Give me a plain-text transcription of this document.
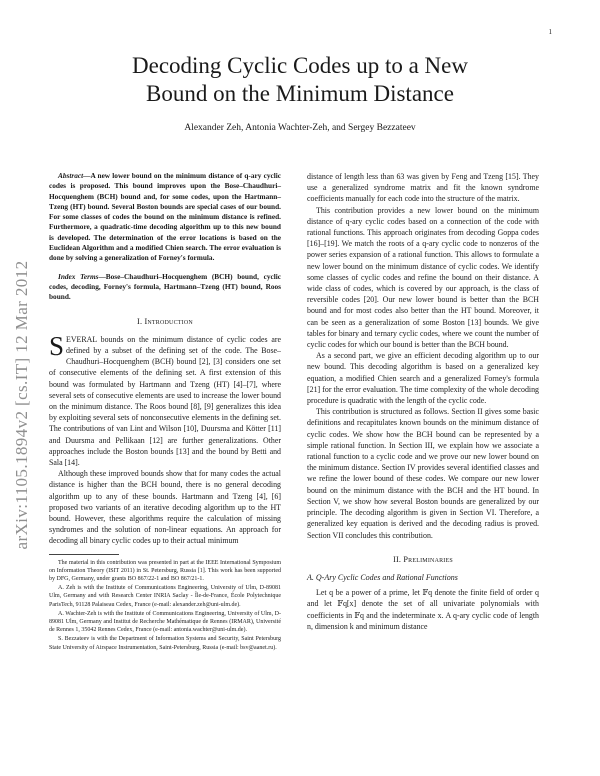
1
arXiv:1105.1894v2 [cs.IT] 12 Mar 2012
Decoding Cyclic Codes up to a New
Bound on the Minimum Distance
Alexander Zeh, Antonia Wachter-Zeh, and Sergey Bezzateev

Abstract—A new lower bound on the minimum distance of q-ary cyclic codes is proposed. This bound improves upon the Bose–Chaudhuri–Hocquenghem (BCH) bound and, for some codes, upon the Hartmann–Tzeng (HT) bound. Several Boston bounds are special cases of our bound. For some classes of codes the bound on the minimum distance is refined. Furthermore, a quadratic-time decoding algorithm up to this new bound is developed. The determination of the error locations is based on the Euclidean Algorithm and a modified Chien search. The error evaluation is done by solving a generalization of Forney's formula.

Index Terms—Bose–Chaudhuri–Hocquenghem (BCH) bound, cyclic codes, decoding, Forney's formula, Hartmann–Tzeng (HT) bound, Roos bound.

I. Introduction

SEVERAL bounds on the minimum distance of cyclic codes are defined by a subset of the defining set of the code. The Bose–Chaudhuri–Hocquenghem (BCH) bound [2], [3] considers one set of consecutive elements of the defining set. A first extension of this bound was formulated by Hartmann and Tzeng (HT) [4]–[7], where several sets of consecutive elements are used to increase the lower bound on the minimum distance. The Roos bound [8], [9] generalizes this idea by exploiting several sets of nonconsecutive elements in the defining set. The contributions of van Lint and Wilson [10], Duursma and Kötter [11] and Duursma and Pellikaan [12] are further generalizations. Other approaches include the Boston bounds [13] and the bound by Betti and Sala [14].

Although these improved bounds show that for many codes the actual distance is higher than the BCH bound, there is no general decoding algorithm up to any of these bounds. Hartmann and Tzeng [4], [6] proposed two variants of an iterative decoding algorithm up to the HT bound. However, these algorithms require the calculation of missing syndromes and the solution of non-linear equations. An approach for decoding all binary cyclic codes up to their actual minimum

The material in this contribution was presented in part at the IEEE International Symposium on Information Theory (ISIT 2011) in St. Petersburg, Russia [1]. This work has been supported by DFG, Germany, under grants BO 867/22-1 and BO 867/21-1.

A. Zeh is with the Institute of Communications Engineering, University of Ulm, D-89081 Ulm, Germany and with Research Center INRIA Saclay - Île-de-France, École Polytechnique ParisTech, 91128 Palaiseau Cedex, France (e-mail: alexander.zeh@uni-ulm.de).

A. Wachter-Zeh is with the Institute of Communications Engineering, University of Ulm, D-89081 Ulm, Germany and Institut de Recherche Mathématique de Rennes (IRMAR), Université de Rennes 1, 35042 Rennes Cedex, France (e-mail: antonia.wachter@uni-ulm.de).

S. Bezzateev is with the Department of Information Systems and Security, Saint Petersburg State University of Airspace Instrumentation, Saint-Petersburg, Russia (e-mail: bsv@aanet.ru).

distance of length less than 63 was given by Feng and Tzeng [15]. They use a generalized syndrome matrix and fit the known syndrome coefficients manually for each code into the structure of the matrix.

This contribution provides a new lower bound on the minimum distance of q-ary cyclic codes based on a connection of the code with rational functions. This approach originates from decoding Goppa codes [16]–[19]. We match the roots of a q-ary cyclic code to nonzeros of the power series expansion of a rational function. This allows to formulate a new lower bound on the minimum distance of cyclic codes. We identify some classes of cyclic codes and refine the bound on their distance. A wide class of codes, which is covered by our approach, is the class of reversible codes [20]. Our new lower bound is better than the BCH bound and for most codes also better than the HT bound. Moreover, it can be seen as a generalization of some Boston [13] bounds. We give tables for binary and ternary cyclic codes, where we count the number of cyclic codes for which our bound is better than the BCH bound.

As a second part, we give an efficient decoding algorithm up to our new bound. This decoding algorithm is based on a generalized key equation, a modified Chien search and a generalized Forney's formula [21] for the error evaluation. The time complexity of the whole decoding procedure is quadratic with the length of the cyclic code.

This contribution is structured as follows. Section II gives some basic definitions and recapitulates known bounds on the minimum distance of cyclic codes. We show how the BCH bound can be represented by a simple rational function. In Section III, we explain how we associate a rational function to a cyclic code and we prove our new lower bound on the minimum distance. Section IV provides several identified classes and we refine the lower bound of these codes. We compare our new lower bound on the minimum distance with the BCH and the HT bound. In Section V, we show how several Boston bounds are generalized by our principle. The decoding algorithm is given in Section VI. Therefore, a generalized key equation is derived and the decoding radius is proved. Section VII concludes this contribution.

II. Preliminaries
A. Q-Ary Cyclic Codes and Rational Functions

Let q be a power of a prime, let 𝔽q denote the finite field of order q and let 𝔽q[x] denote the set of all univariate polynomials with coefficients in 𝔽q and the indeterminate x. A q-ary cyclic code of length n, dimension k and minimum distance
